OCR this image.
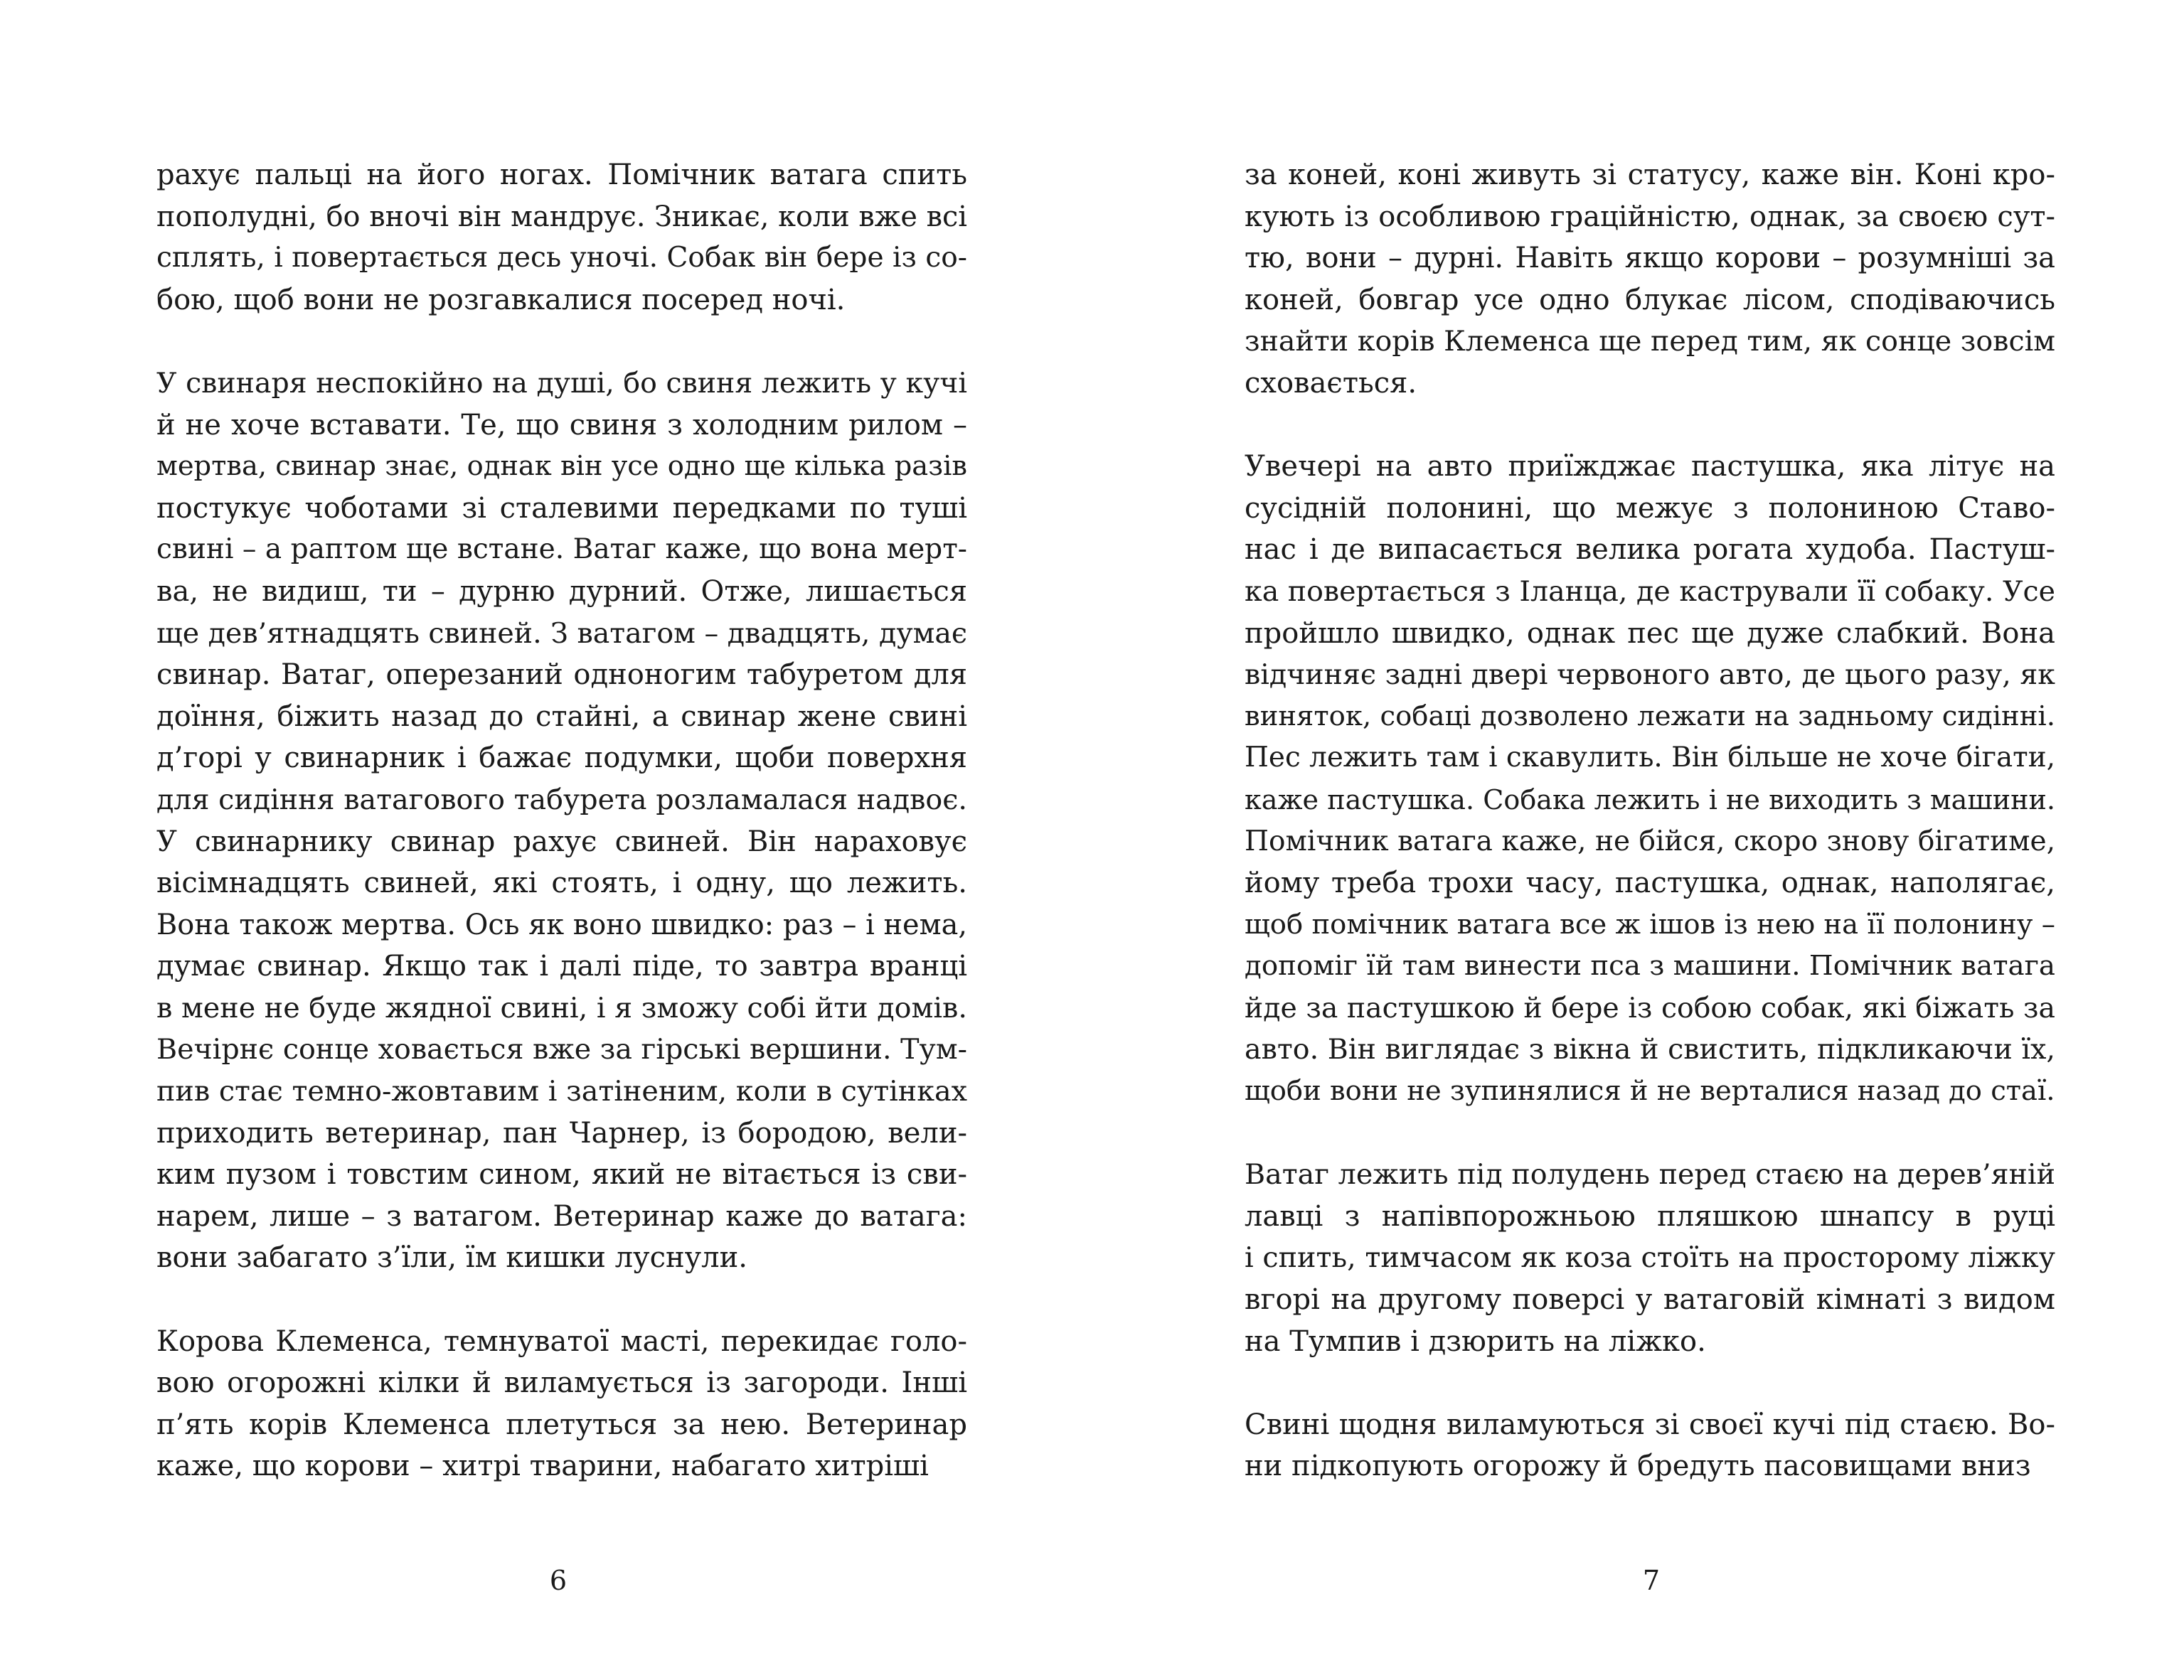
рахує пальці на його ногах. Помічник ватага спить
пополудні, бо вночі він мандрує. Зникає, коли вже всі
сплять, і повертається десь уночі. Собак він бере із со-
бою, щоб вони не розгавкалися посеред ночі.
У свинаря неспокійно на душі, бо свиня лежить у кучі
й не хоче вставати. Те, що свиня з холодним рилом –
мертва, свинар знає, однак він усе одно ще кілька разів
постукує чоботами зі сталевими передками по туші
свині – а раптом ще встане. Ватаг каже, що вона мерт-
ва, не видиш, ти – дурню дурний. Отже, лишається
ще дев’ятнадцять свиней. З ватагом – двадцять, думає
свинар. Ватаг, оперезаний одноногим табуретом для
доїння, біжить назад до стайні, а свинар жене свині
д’горі у свинарник і бажає подумки, щоби поверхня
для сидіння ватагового табурета розламалася надвоє.
У свинарнику свинар рахує свиней. Він нараховує
вісімнадцять свиней, які стоять, і одну, що лежить.
Вона також мертва. Ось як воно швидко: раз – і нема,
думає свинар. Якщо так і далі піде, то завтра вранці
в мене не буде жядної свині, і я зможу собі йти домів.
Вечірнє сонце ховається вже за гірські вершини. Тум-
пив стає темно-жовтавим і затіненим, коли в сутінках
приходить ветеринар, пан Чарнер, із бородою, вели-
ким пузом і товстим сином, який не вітається із сви-
нарем, лише – з ватагом. Ветеринар каже до ватага:
вони забагато з’їли, їм кишки луснули.
Корова Клеменса, темнуватої масті, перекидає голо-
вою огорожні кілки й виламується із загороди. Інші
п’ять корів Клеменса плетуться за нею. Ветеринар
каже, що корови – хитрі тварини, набагато хитріші
6
за коней, коні живуть зі статусу, каже він. Коні кро-
кують із особливою граційністю, однак, за своєю сут-
тю, вони – дурні. Навіть якщо корови – розумніші за
коней, бовгар усе одно блукає лісом, сподіваючись
знайти корів Клеменса ще перед тим, як сонце зовсім
сховається.
Увечері на авто приїжджає пастушка, яка літує на
сусідній полонині, що межує з полониною Ставо-
нас і де випасається велика рогата худоба. Пастуш-
ка повертається з Іланца, де кастрували її собаку. Усе
пройшло швидко, однак пес ще дуже слабкий. Вона
відчиняє задні двері червоного авто, де цього разу, як
виняток, собаці дозволено лежати на задньому сидінні.
Пес лежить там і скавулить. Він більше не хоче бігати,
каже пастушка. Собака лежить і не виходить з машини.
Помічник ватага каже, не бійся, скоро знову бігатиме,
йому треба трохи часу, пастушка, однак, наполягає,
щоб помічник ватага все ж ішов із нею на її полонину –
допоміг їй там винести пса з машини. Помічник ватага
йде за пастушкою й бере із собою собак, які біжать за
авто. Він виглядає з вікна й свистить, підкликаючи їх,
щоби вони не зупинялися й не верталися назад до стаї.
Ватаг лежить під полудень перед стаєю на дерев’яній
лавці з напівпорожньою пляшкою шнапсу в руці
і спить, тимчасом як коза стоїть на просторому ліжку
вгорі на другому поверсі у ватаговій кімнаті з видом
на Тумпив і дзюрить на ліжко.
Свині щодня виламуються зі своєї кучі під стаєю. Во-
ни підкопують огорожу й бредуть пасовищами вниз
7
